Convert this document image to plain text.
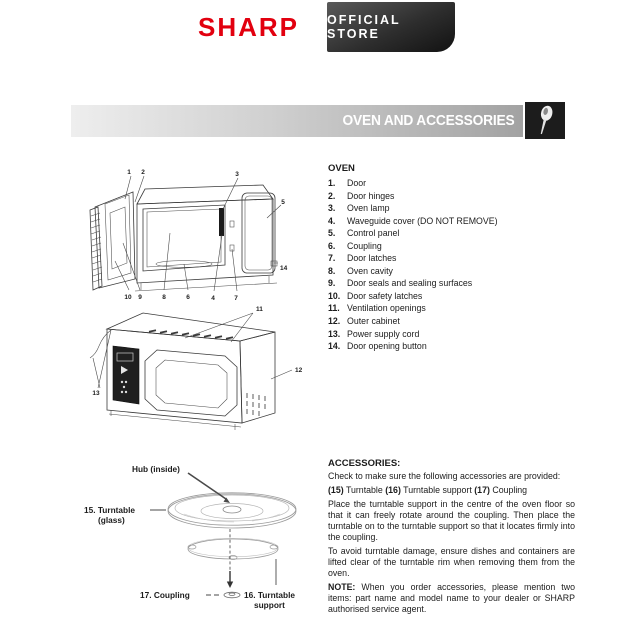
SHARP OFFICIAL STORE
OVEN AND ACCESSORIES
1 2	3
5
14
10 9	8	6	4	7
11
13
12
Hub (inside)
15. Turntable
(glass)
17. Coupling	16. Turntable
support
OVEN
1.	Door
2.	Door hinges
3.	Oven lamp
4.	Waveguide cover (DO NOT REMOVE)
5.	Control panel
6.	Coupling
7.	Door latches
8.	Oven cavity
9.	Door seals and sealing surfaces
10. Door safety latches
11. Ventilation openings
12. Outer cabinet
13. Power supply cord
14. Door opening button
ACCESSORIES:

Check to make sure the following accessories are provided:

(15) Turntable (16) Turntable support (17) Coupling

Place the turntable support in the centre of the oven floor so that it can freely rotate around the coupling. Then place the turntable on to the turntable support so that it locates firmly into the coupling.

To avoid turntable damage, ensure dishes and containers are lifted clear of the turntable rim when removing them from the oven.

NOTE: When you order accessories, please mention two items: part name and model name to your dealer or SHARP authorised service agent.
